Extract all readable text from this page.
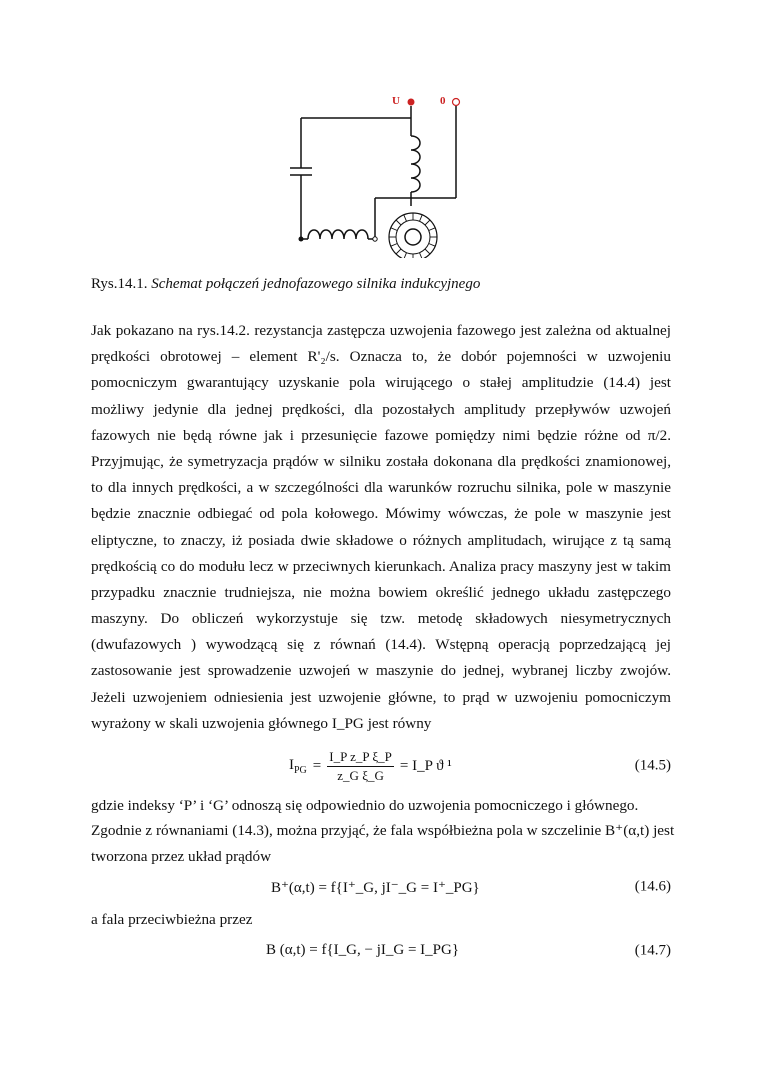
U	0
Rys.14.1. Schemat połączeń jednofazowego silnika indukcyjnego
Jak pokazano na rys.14.2. rezystancja zastępcza uzwojenia fazowego jest zależna od aktualnej
prędkości obrotowej – element R'₂/s. Oznacza to, że dobór pojemności w uzwojeniu
pomocniczym gwarantujący uzyskanie pola wirującego o stałej amplitudzie (14.4) jest
możliwy jedynie dla jednej prędkości, dla pozostałych amplitudy przepływów uzwojeń
fazowych nie będą równe jak i przesunięcie fazowe pomiędzy nimi będzie różne od π/2.
Przyjmując, że symetryzacja prądów w silniku została dokonana dla prędkości znamionowej,
to dla innych prędkości, a w szczególności dla warunków rozruchu silnika, pole w maszynie
będzie znacznie odbiegać od pola kołowego. Mówimy wówczas, że pole w maszynie jest
eliptyczne, to znaczy, iż posiada dwie składowe o różnych amplitudach, wirujące z tą samą
prędkością co do modułu lecz w przeciwnych kierunkach. Analiza pracy maszyny jest w takim
przypadku znacznie trudniejsza, nie można bowiem określić jednego układu zastępczego
maszyny. Do obliczeń wykorzystuje się tzw. metodę składowych niesymetrycznych
(dwufazowych ) wywodzącą się z równań (14.4). Wstępną operacją poprzedzającą jej
zastosowanie jest sprowadzenie uzwojeń w maszynie do jednej, wybranej liczby zwojów.
Jeżeli uzwojeniem odniesienia jest uzwojenie główne, to prąd w uzwojeniu pomocniczym
wyrażony w skali uzwojenia głównego I_PG jest równy
$I_{PG} = \frac{\text{I\_P z\_P ξ\_P}}{\text{z\_G ξ\_G}}$ = I_P ϑ ¹	(14.5)
gdzie indeksy ‘P’ i ‘G’ odnoszą się odpowiednio do uzwojenia pomocniczego i głównego.
Zgodnie z równaniami (14.3), można przyjąć, że fala współbieżna pola w szczelinie B⁺(α,t) jest
tworzona przez układ prądów
B⁺(α,t) = f{I⁺_G, jI⁻_G = I⁺_PG}	(14.6)
a fala przeciwbieżna przez
B (α,t) = f{I_G, − jI_G = I_PG}	(14.7)
